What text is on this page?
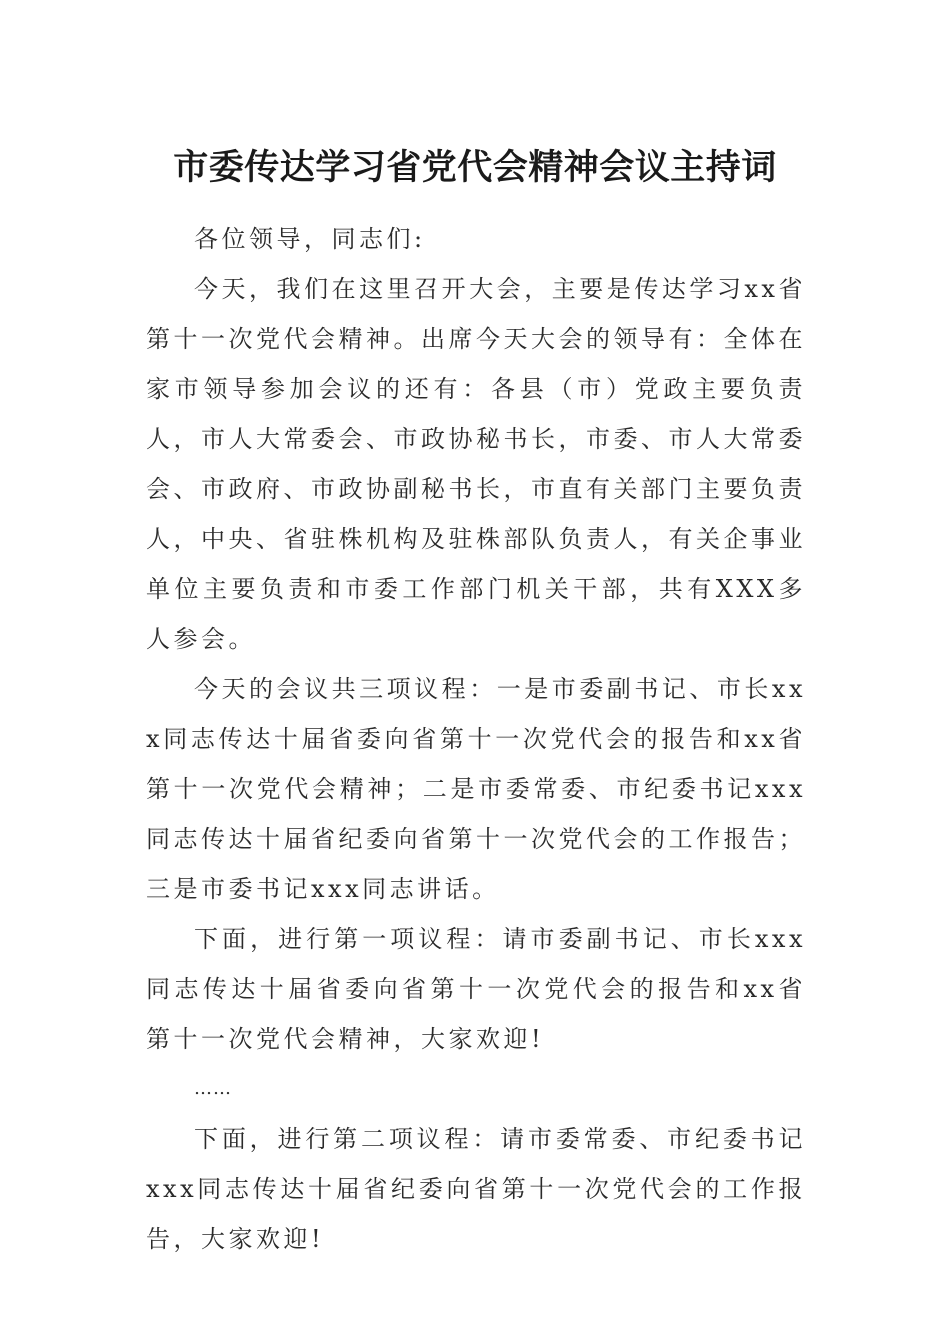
市委传达学习省党代会精神会议主持词

各位领导，同志们:

今天，我们在这里召开大会，主要是传达学习xx省第十一次党代会精神。出席今天大会的领导有：全体在家市领导参加会议的还有：各县（市）党政主要负责人，市人大常委会、市政协秘书长，市委、市人大常委会、市政府、市政协副秘书长，市直有关部门主要负责人，中央、省驻株机构及驻株部队负责人，有关企事业单位主要负责和市委工作部门机关干部，共有XXX多人参会。

今天的会议共三项议程：一是市委副书记、市长xxx同志传达十届省委向省第十一次党代会的报告和xx省第十一次党代会精神；二是市委常委、市纪委书记xxx同志传达十届省纪委向省第十一次党代会的工作报告；三是市委书记xxx同志讲话。

下面，进行第一项议程：请市委副书记、市长xxx同志传达十届省委向省第十一次党代会的报告和xx省第十一次党代会精神，大家欢迎!

……

下面，进行第二项议程：请市委常委、市纪委书记xxx同志传达十届省纪委向省第十一次党代会的工作报告，大家欢迎!
